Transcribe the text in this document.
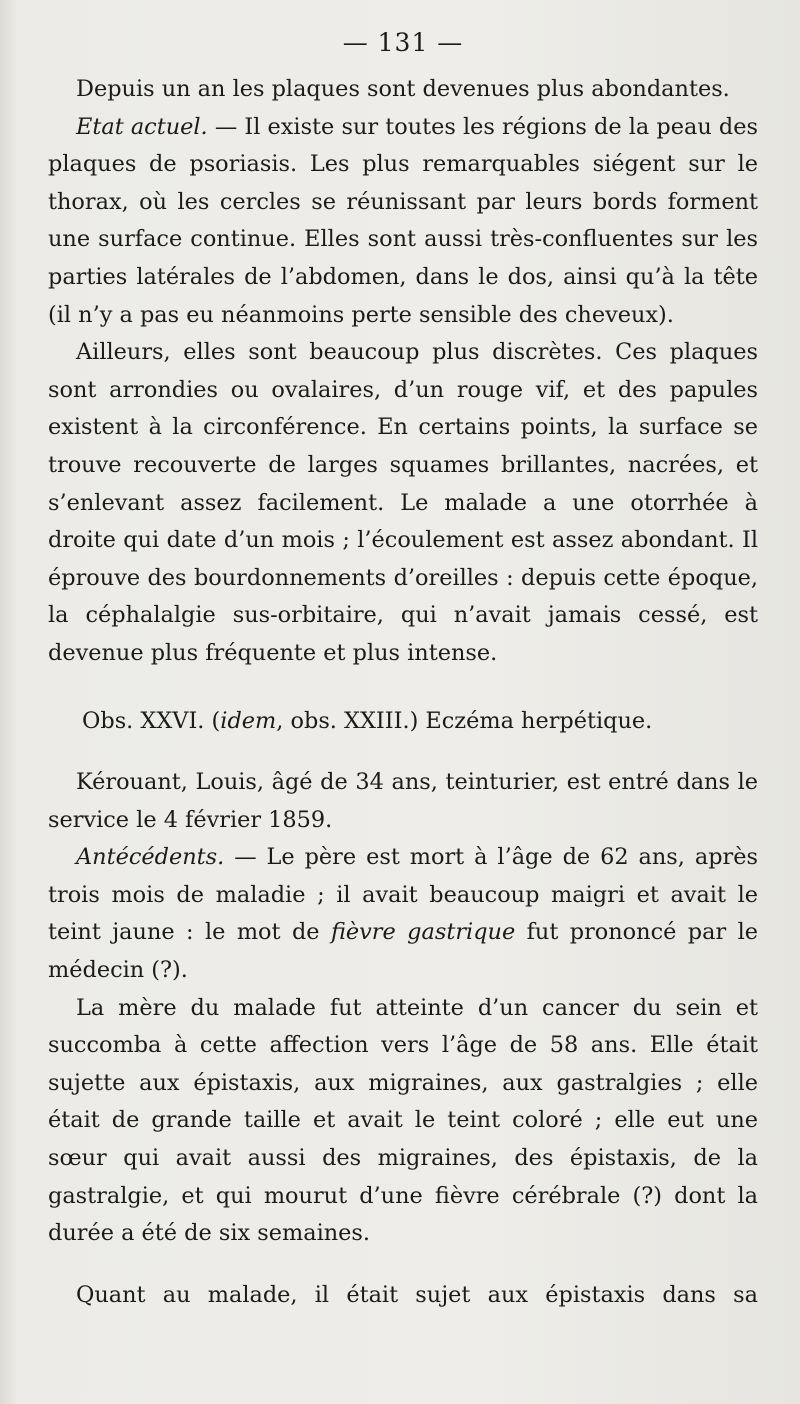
— 131 —

Depuis un an les plaques sont devenues plus abondantes.

Etat actuel. — Il existe sur toutes les régions de la peau des plaques de psoriasis. Les plus remarquables siégent sur le thorax, où les cercles se réunissant par leurs bords forment une surface continue. Elles sont aussi très-confluentes sur les parties latérales de l’abdomen, dans le dos, ainsi qu’à la tête (il n’y a pas eu néanmoins perte sensible des cheveux).

Ailleurs, elles sont beaucoup plus discrètes. Ces plaques sont arrondies ou ovalaires, d’un rouge vif, et des papules existent à la circonférence. En certains points, la surface se trouve recouverte de larges squames brillantes, nacrées, et s’enlevant assez facilement. Le malade a une otorrhée à droite qui date d’un mois ; l’écoulement est assez abondant. Il éprouve des bourdonnements d’oreilles : depuis cette époque, la céphalalgie sus-orbitaire, qui n’avait jamais cessé, est devenue plus fréquente et plus intense.

Obs. XXVI. (idem, obs. XXIII.) Eczéma herpétique.

Kérouant, Louis, âgé de 34 ans, teinturier, est entré dans le service le 4 février 1859.

Antécédents. — Le père est mort à l’âge de 62 ans, après trois mois de maladie ; il avait beaucoup maigri et avait le teint jaune : le mot de fièvre gastrique fut prononcé par le médecin (?).

La mère du malade fut atteinte d’un cancer du sein et succomba à cette affection vers l’âge de 58 ans. Elle était sujette aux épistaxis, aux migraines, aux gastralgies ; elle était de grande taille et avait le teint coloré ; elle eut une sœur qui avait aussi des migraines, des épistaxis, de la gastralgie, et qui mourut d’une fièvre cérébrale (?) dont la durée a été de six semaines.

Quant au malade, il était sujet aux épistaxis dans sa
